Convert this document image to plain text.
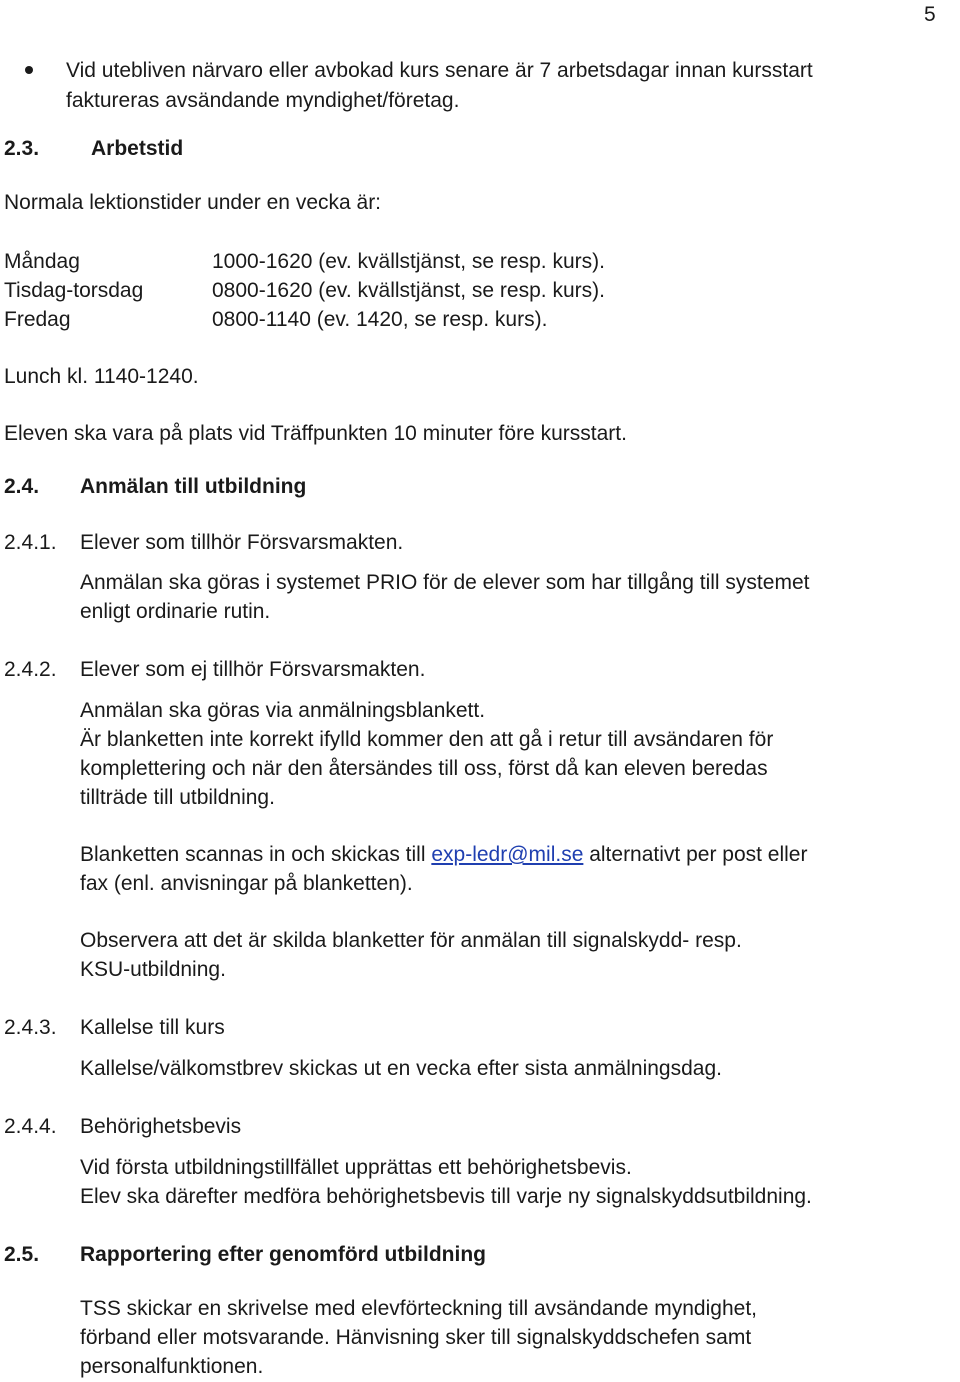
5
Vid utebliven närvaro eller avbokad kurs senare är 7 arbetsdagar innan kursstart
faktureras avsändande myndighet/företag.
2.3. Arbetstid
Normala lektionstider under en vecka är:
Måndag	1000-1620 (ev. kvällstjänst, se resp. kurs).
Tisdag-torsdag	0800-1620 (ev. kvällstjänst, se resp. kurs).
Fredag	0800-1140 (ev. 1420, se resp. kurs).
Lunch kl. 1140-1240.
Eleven ska vara på plats vid Träffpunkten 10 minuter före kursstart.
2.4. Anmälan till utbildning
2.4.1. Elever som tillhör Försvarsmakten.
Anmälan ska göras i systemet PRIO för de elever som har tillgång till systemet
enligt ordinarie rutin.
2.4.2. Elever som ej tillhör Försvarsmakten.
Anmälan ska göras via anmälningsblankett.
Är blanketten inte korrekt ifylld kommer den att gå i retur till avsändaren för
komplettering och när den återsändes till oss, först då kan eleven beredas
tillträde till utbildning.
Blanketten scannas in och skickas till exp-ledr@mil.se alternativt per post eller
fax (enl. anvisningar på blanketten).
Observera att det är skilda blanketter för anmälan till signalskydd- resp.
KSU-utbildning.
2.4.3. Kallelse till kurs
Kallelse/välkomstbrev skickas ut en vecka efter sista anmälningsdag.
2.4.4. Behörighetsbevis
Vid första utbildningstillfället upprättas ett behörighetsbevis.
Elev ska därefter medföra behörighetsbevis till varje ny signalskyddsutbildning.
2.5. Rapportering efter genomförd utbildning
TSS skickar en skrivelse med elevförteckning till avsändande myndighet,
förband eller motsvarande. Hänvisning sker till signalskyddschefen samt
personalfunktionen.
